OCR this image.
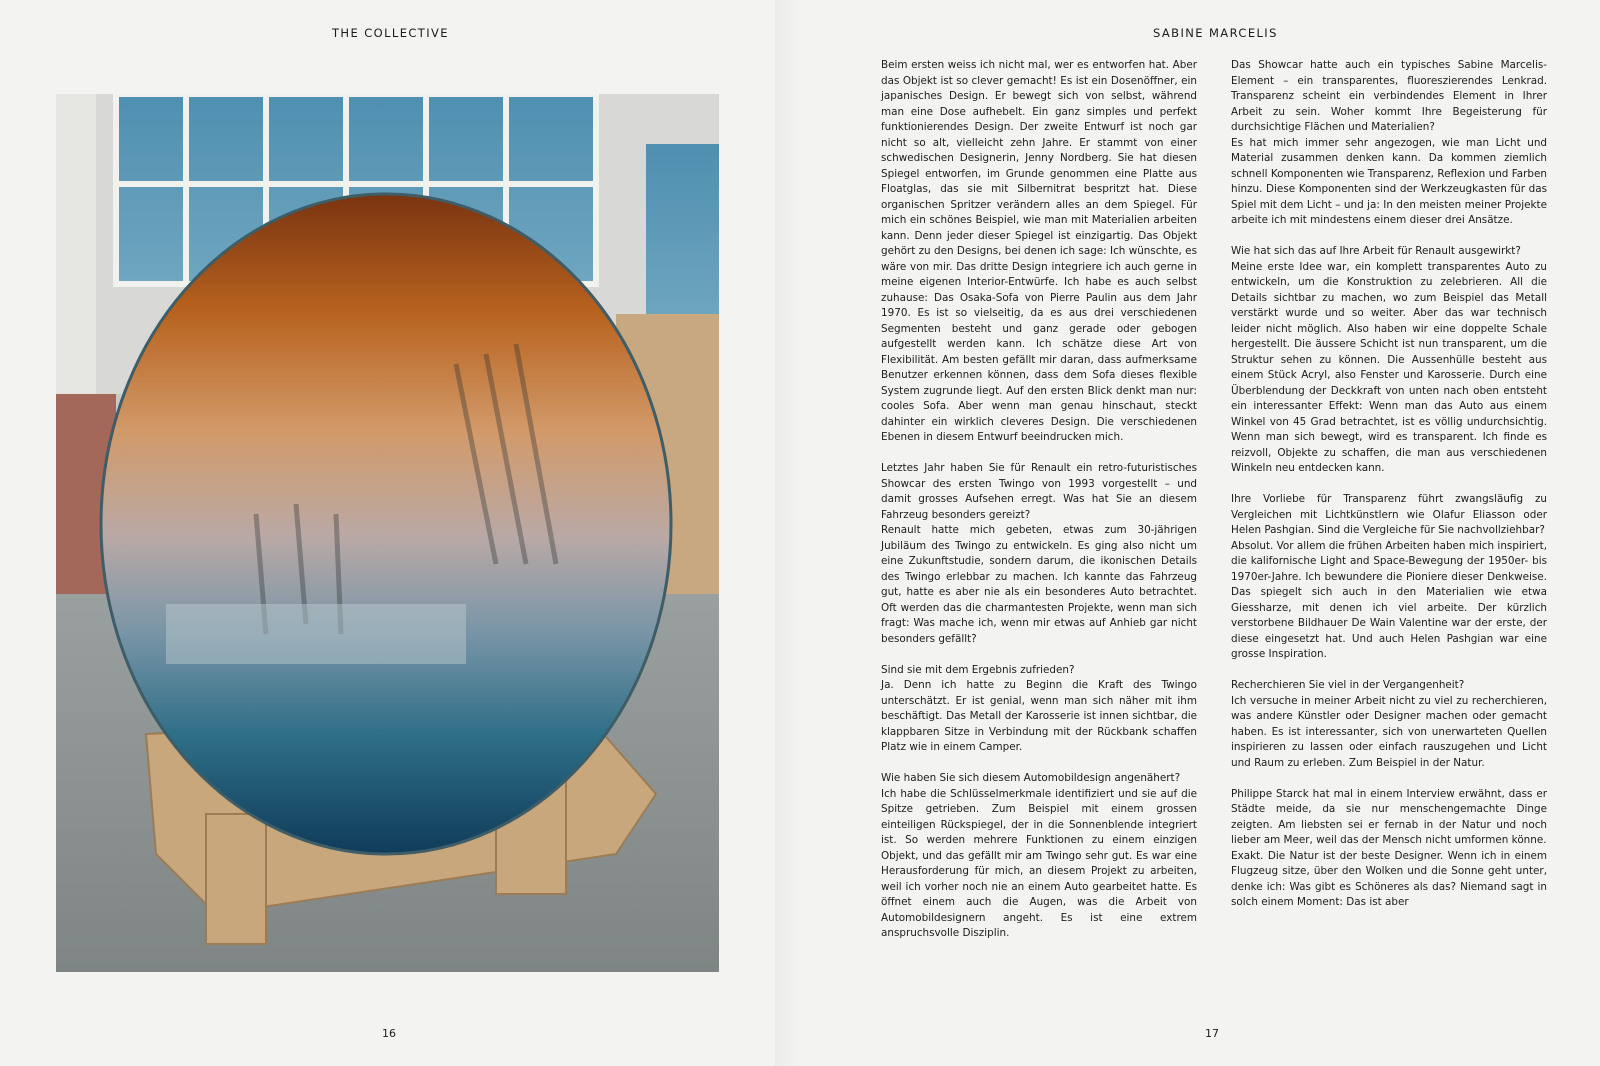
THE COLLECTIVE
16
SABINE MARCELIS

Beim ersten weiss ich nicht mal, wer es entworfen hat. Aber das Objekt ist so clever gemacht! Es ist ein Dosenöffner, ein japanisches Design. Er bewegt sich von selbst, während man eine Dose aufhebelt. Ein ganz simples und perfekt funktionierendes Design. Der zweite Entwurf ist noch gar nicht so alt, vielleicht zehn Jahre. Er stammt von einer schwedischen Designerin, Jenny Nordberg. Sie hat diesen Spiegel entworfen, im Grunde genommen eine Platte aus Floatglas, das sie mit Silbernitrat bespritzt hat. Diese organischen Spritzer verändern alles an dem Spiegel. Für mich ein schönes Beispiel, wie man mit Materialien arbeiten kann. Denn jeder dieser Spiegel ist einzigartig. Das Objekt gehört zu den Designs, bei denen ich sage: Ich wünschte, es wäre von mir. Das dritte Design integriere ich auch gerne in meine eigenen Interior-Entwürfe. Ich habe es auch selbst zuhause: Das Osaka-Sofa von Pierre Paulin aus dem Jahr 1970. Es ist so vielseitig, da es aus drei verschiedenen Segmenten besteht und ganz gerade oder gebogen aufgestellt werden kann. Ich schätze diese Art von Flexibilität. Am besten gefällt mir daran, dass aufmerksame Benutzer erkennen können, dass dem Sofa dieses flexible System zugrunde liegt. Auf den ersten Blick denkt man nur: cooles Sofa. Aber wenn man genau hinschaut, steckt dahinter ein wirklich cleveres Design. Die verschiedenen Ebenen in diesem Entwurf beeindrucken mich.

Letztes Jahr haben Sie für Renault ein retro-futuristisches Showcar des ersten Twingo von 1993 vorgestellt – und damit grosses Aufsehen erregt. Was hat Sie an diesem Fahrzeug besonders gereizt?

Renault hatte mich gebeten, etwas zum 30-jährigen Jubiläum des Twingo zu entwickeln. Es ging also nicht um eine Zukunftstudie, sondern darum, die ikonischen Details des Twingo erlebbar zu machen. Ich kannte das Fahrzeug gut, hatte es aber nie als ein besonderes Auto betrachtet. Oft werden das die charmantesten Projekte, wenn man sich fragt: Was mache ich, wenn mir etwas auf Anhieb gar nicht besonders gefällt?

Sind sie mit dem Ergebnis zufrieden?

Ja. Denn ich hatte zu Beginn die Kraft des Twingo unterschätzt. Er ist genial, wenn man sich näher mit ihm beschäftigt. Das Metall der Karosserie ist innen sichtbar, die klappbaren Sitze in Verbindung mit der Rückbank schaffen Platz wie in einem Camper.

Wie haben Sie sich diesem Automobildesign angenähert?

Ich habe die Schlüsselmerkmale identifiziert und sie auf die Spitze getrieben. Zum Beispiel mit einem grossen einteiligen Rückspiegel, der in die Sonnenblende integriert ist. So werden mehrere Funktionen zu einem einzigen Objekt, und das gefällt mir am Twingo sehr gut. Es war eine Herausforderung für mich, an diesem Projekt zu arbeiten, weil ich vorher noch nie an einem Auto gearbeitet hatte. Es öffnet einem auch die Augen, was die Arbeit von Automobildesignern angeht. Es ist eine extrem anspruchsvolle Disziplin.

Das Showcar hatte auch ein typisches Sabine Marcelis-Element – ein transparentes, fluoreszierendes Lenkrad. Transparenz scheint ein verbindendes Element in Ihrer Arbeit zu sein. Woher kommt Ihre Begeisterung für durchsichtige Flächen und Materialien?

Es hat mich immer sehr angezogen, wie man Licht und Material zusammen denken kann. Da kommen ziemlich schnell Komponenten wie Transparenz, Reflexion und Farben hinzu. Diese Komponenten sind der Werkzeugkasten für das Spiel mit dem Licht – und ja: In den meisten meiner Projekte arbeite ich mit mindestens einem dieser drei Ansätze.

Wie hat sich das auf Ihre Arbeit für Renault ausgewirkt?

Meine erste Idee war, ein komplett transparentes Auto zu entwickeln, um die Konstruktion zu zelebrieren. All die Details sichtbar zu machen, wo zum Beispiel das Metall verstärkt wurde und so weiter. Aber das war technisch leider nicht möglich. Also haben wir eine doppelte Schale hergestellt. Die äussere Schicht ist nun transparent, um die Struktur sehen zu können. Die Aussenhülle besteht aus einem Stück Acryl, also Fenster und Karosserie. Durch eine Überblendung der Deckkraft von unten nach oben entsteht ein interessanter Effekt: Wenn man das Auto aus einem Winkel von 45 Grad betrachtet, ist es völlig undurchsichtig. Wenn man sich bewegt, wird es transparent. Ich finde es reizvoll, Objekte zu schaffen, die man aus verschiedenen Winkeln neu entdecken kann.

Ihre Vorliebe für Transparenz führt zwangsläufig zu Vergleichen mit Lichtkünstlern wie Olafur Eliasson oder Helen Pashgian. Sind die Vergleiche für Sie nachvollziehbar?

Absolut. Vor allem die frühen Arbeiten haben mich inspiriert, die kalifornische Light and Space-Bewegung der 1950er- bis 1970er-Jahre. Ich bewundere die Pioniere dieser Denkweise. Das spiegelt sich auch in den Materialien wie etwa Giessharze, mit denen ich viel arbeite. Der kürzlich verstorbene Bildhauer De Wain Valentine war der erste, der diese eingesetzt hat. Und auch Helen Pashgian war eine grosse Inspiration.

Recherchieren Sie viel in der Vergangenheit?

Ich versuche in meiner Arbeit nicht zu viel zu recherchieren, was andere Künstler oder Designer machen oder gemacht haben. Es ist interessanter, sich von unerwarteten Quellen inspirieren zu lassen oder einfach rauszugehen und Licht und Raum zu erleben. Zum Beispiel in der Natur.

Philippe Starck hat mal in einem Interview erwähnt, dass er Städte meide, da sie nur menschengemachte Dinge zeigten. Am liebsten sei er fernab in der Natur und noch lieber am Meer, weil das der Mensch nicht umformen könne.

Exakt. Die Natur ist der beste Designer. Wenn ich in einem Flugzeug sitze, über den Wolken und die Sonne geht unter, denke ich: Was gibt es Schöneres als das? Niemand sagt in solch einem Moment: Das ist aber

17
